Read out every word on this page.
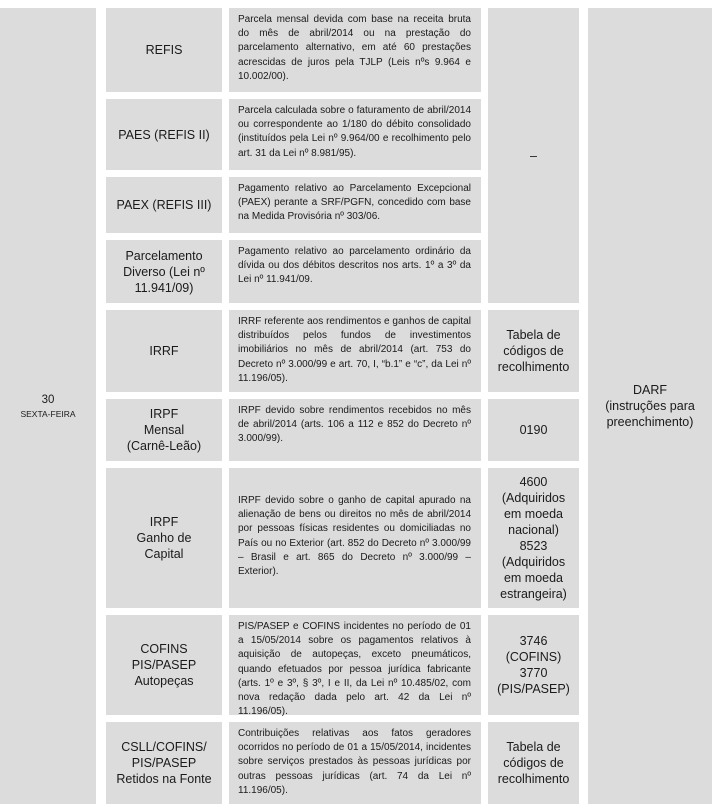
30
SEXTA-FEIRA
DARF
(instruções para preenchimento)
–
REFIS
Parcela mensal devida com base na receita bruta do mês de abril/2014 ou na prestação do parcelamento alternativo, em até 60 prestações acrescidas de juros pela TJLP (Leis nºs 9.964 e 10.002/00).
PAES (REFIS II)
Parcela calculada sobre o faturamento de abril/2014 ou correspondente ao 1/180 do débito consolidado (instituídos pela Lei nº 9.964/00 e recolhimento pelo art. 31 da Lei nº 8.981/95).
PAEX (REFIS III)
Pagamento relativo ao Parcelamento Excepcional (PAEX) perante a SRF/PGFN, concedido com base na Medida Provisória nº 303/06.
Parcelamento Diverso (Lei nº 11.941/09)
Pagamento relativo ao parcelamento ordinário da dívida ou dos débitos descritos nos arts. 1º a 3º da Lei nº 11.941/09.
IRRF
IRRF referente aos rendimentos e ganhos de capital distribuídos pelos fundos de investimentos imobiliários no mês de abril/2014 (art. 753 do Decreto nº 3.000/99 e art. 70, I, “b.1” e “c”, da Lei nº 11.196/05).
Tabela de códigos de recolhimento
IRPF
Mensal
(Carnê-Leão)
IRPF devido sobre rendimentos recebidos no mês de abril/2014 (arts. 106 a 112 e 852 do Decreto nº 3.000/99).
0190
IRPF
Ganho de
Capital
IRPF devido sobre o ganho de capital apurado na alienação de bens ou direitos no mês de abril/2014 por pessoas físicas residentes ou domiciliadas no País ou no Exterior (art. 852 do Decreto nº 3.000/99 – Brasil e art. 865 do Decreto nº 3.000/99 – Exterior).
4600
(Adquiridos
em moeda
nacional)
8523
(Adquiridos
em moeda
estrangeira)
COFINS
PIS/PASEP
Autopeças
PIS/PASEP e COFINS incidentes no período de 01 a 15/05/2014 sobre os pagamentos relativos à aquisição de autopeças, exceto pneumáticos, quando efetuados por pessoa jurídica fabricante (arts. 1º e 3º, § 3º, I e II, da Lei nº 10.485/02, com nova redação dada pelo art. 42 da Lei nº 11.196/05).
3746
(COFINS)
3770
(PIS/PASEP)
CSLL/COFINS/
PIS/PASEP
Retidos na Fonte
Contribuições relativas aos fatos geradores ocorridos no período de 01 a 15/05/2014, incidentes sobre serviços prestados às pessoas jurídicas por outras pessoas jurídicas (art. 74 da Lei nº 11.196/05).
Tabela de códigos de recolhimento
